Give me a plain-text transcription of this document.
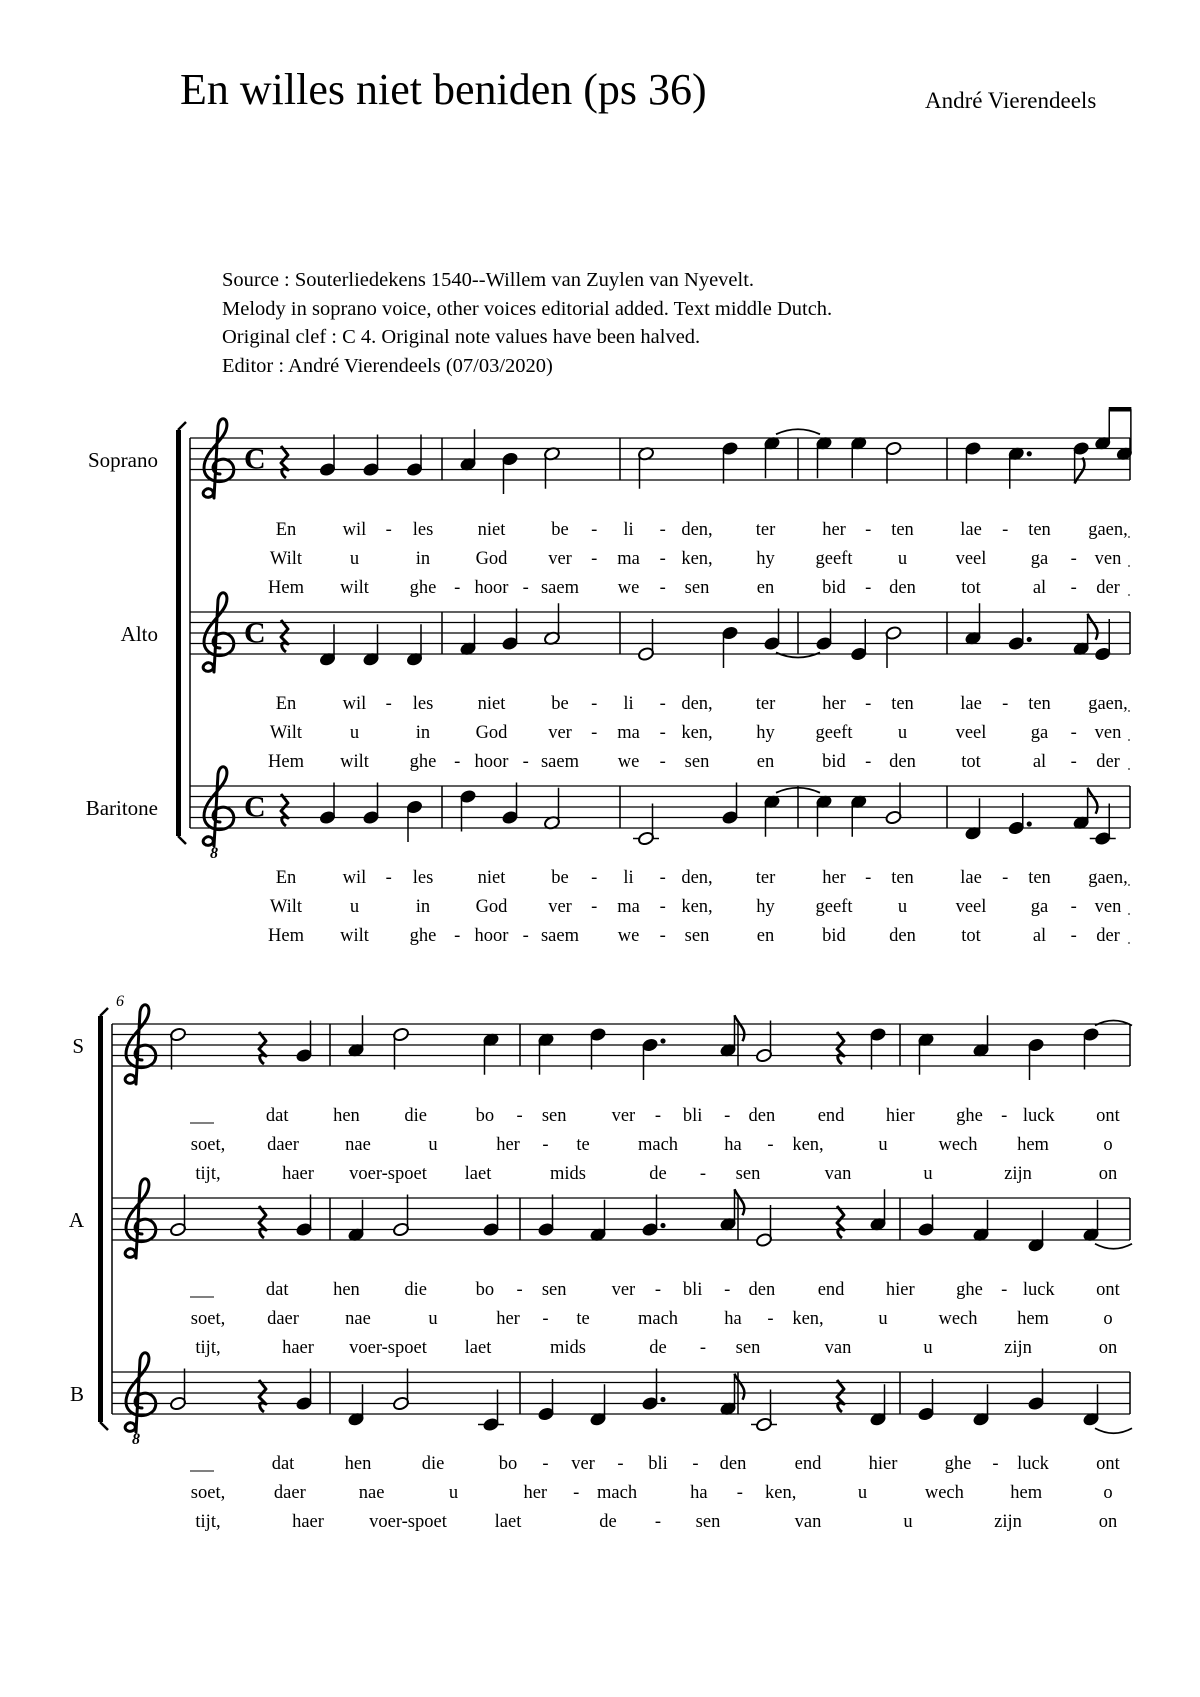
En willes niet beniden (ps 36)	André Vierendeels
Source : Souterliedekens 1540--Willem van Zuylen van Nyevelt.
Melody in soprano voice, other voices editorial added. Text middle Dutch.
Original clef : C 4. Original note values have been halved.
Editor : André Vierendeels (07/03/2020)
Soprano	C
En	wil - les niet be - li - den, ter	her - ten	lae - ten gaen,
Wilt	u	in God ver - ma - ken, hy geeft u	veel ga - ven
Hem wilt ghe - hoor - saem we - sen	en	bid - den tot	al - der
Alto	C
En	wil - les niet be - li - den, ter	her - ten	lae - ten gaen,
Wilt	u	in God ver - ma - ken, hy geeft u	veel ga - ven
Hem wilt ghe - hoor - saem we - sen	en	bid - den tot	al - der
Baritone
8
C
En	wil - les niet be - li - den, ter	her - ten	lae - ten gaen,
Wilt	u	in God ver - ma - ken, hy geeft u	veel ga - ven
Hem wilt ghe - hoor - saem we - sen	en	bid den tot	al - der
6
S
dat hen die	bo - sen ver - bli - den end hier ghe - luck ont
soet, daer nae	u	her - te	mach ha - ken,	u	wech hem	o
tijt,	haer voer-spoet laet	mids	de - sen	van	u	zijn	on
A
dat hen die	bo - sen ver - bli - den end hier ghe - luck ont
soet, daer nae	u	her - te	mach ha - ken,	u	wech hem	o
tijt,	haer voer-spoet laet	mids	de - sen	van	u	zijn	on
B
8
dat	hen	die	bo - ver - bli - den	end	hier	ghe - luck	ont
soet,	daer	nae	u	her - mach	ha - ken,	u	wech	hem	o
tijt,	haer voer-spoet	laet	de - sen	van	u	zijn	on
